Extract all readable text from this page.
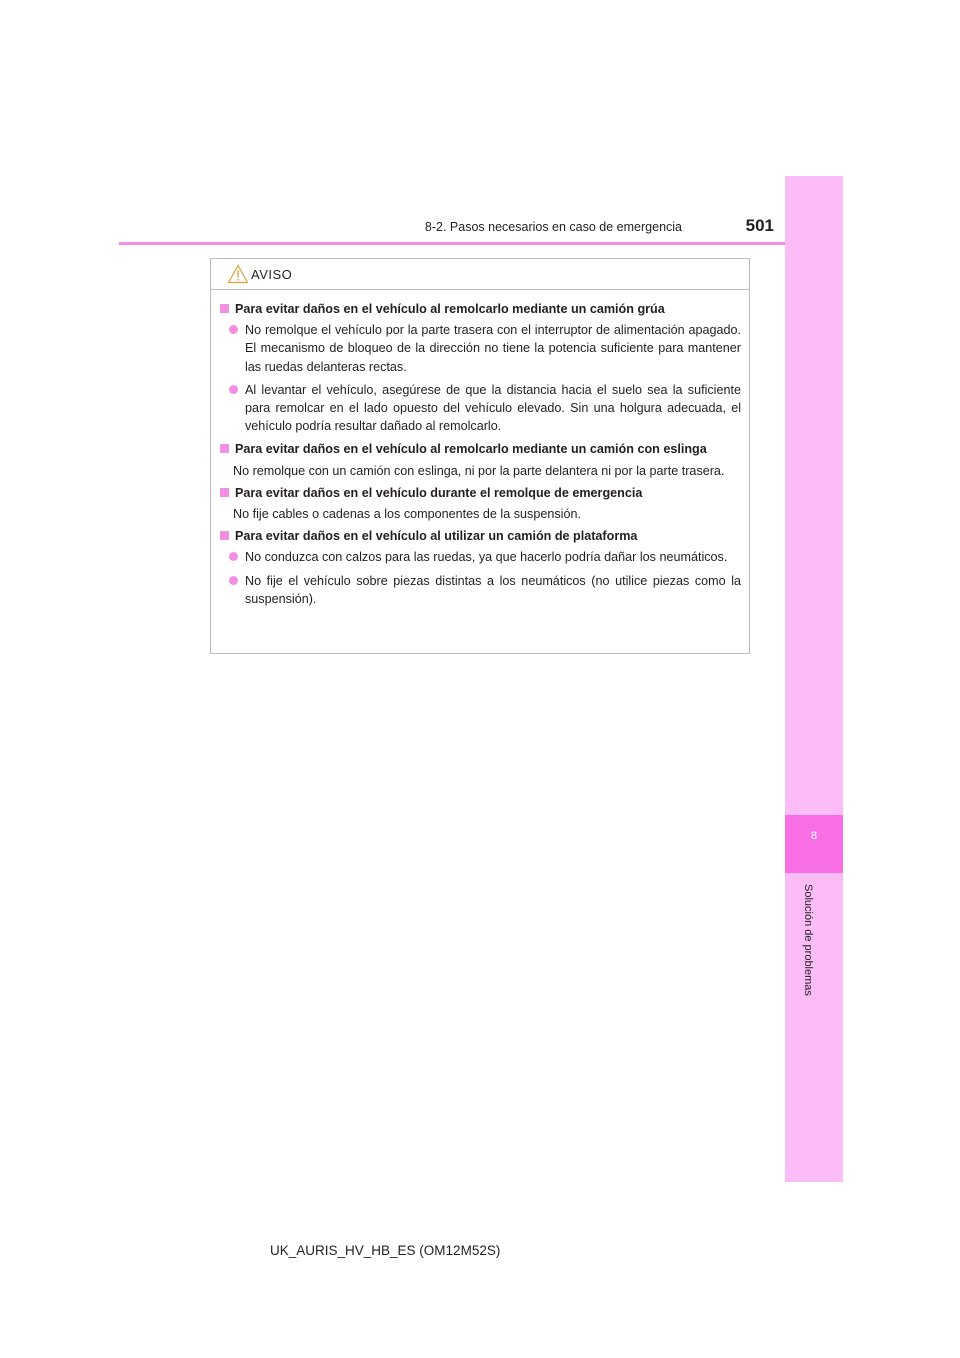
8-2. Pasos necesarios en caso de emergencia	501
8
Solución de problemas
AVISO
Para evitar daños en el vehículo al remolcarlo mediante un camión grúa
No remolque el vehículo por la parte trasera con el interruptor de alimentación apagado. El mecanismo de bloqueo de la dirección no tiene la potencia suficiente para mantener las ruedas delanteras rectas.
Al levantar el vehículo, asegúrese de que la distancia hacia el suelo sea la suficiente para remolcar en el lado opuesto del vehículo elevado. Sin una holgura adecuada, el vehículo podría resultar dañado al remolcarlo.
Para evitar daños en el vehículo al remolcarlo mediante un camión con eslinga
No remolque con un camión con eslinga, ni por la parte delantera ni por la parte trasera.
Para evitar daños en el vehículo durante el remolque de emergencia
No fije cables o cadenas a los componentes de la suspensión.
Para evitar daños en el vehículo al utilizar un camión de plataforma
No conduzca con calzos para las ruedas, ya que hacerlo podría dañar los neumáticos.
No fije el vehículo sobre piezas distintas a los neumáticos (no utilice piezas como la suspensión).
UK_AURIS_HV_HB_ES (OM12M52S)
